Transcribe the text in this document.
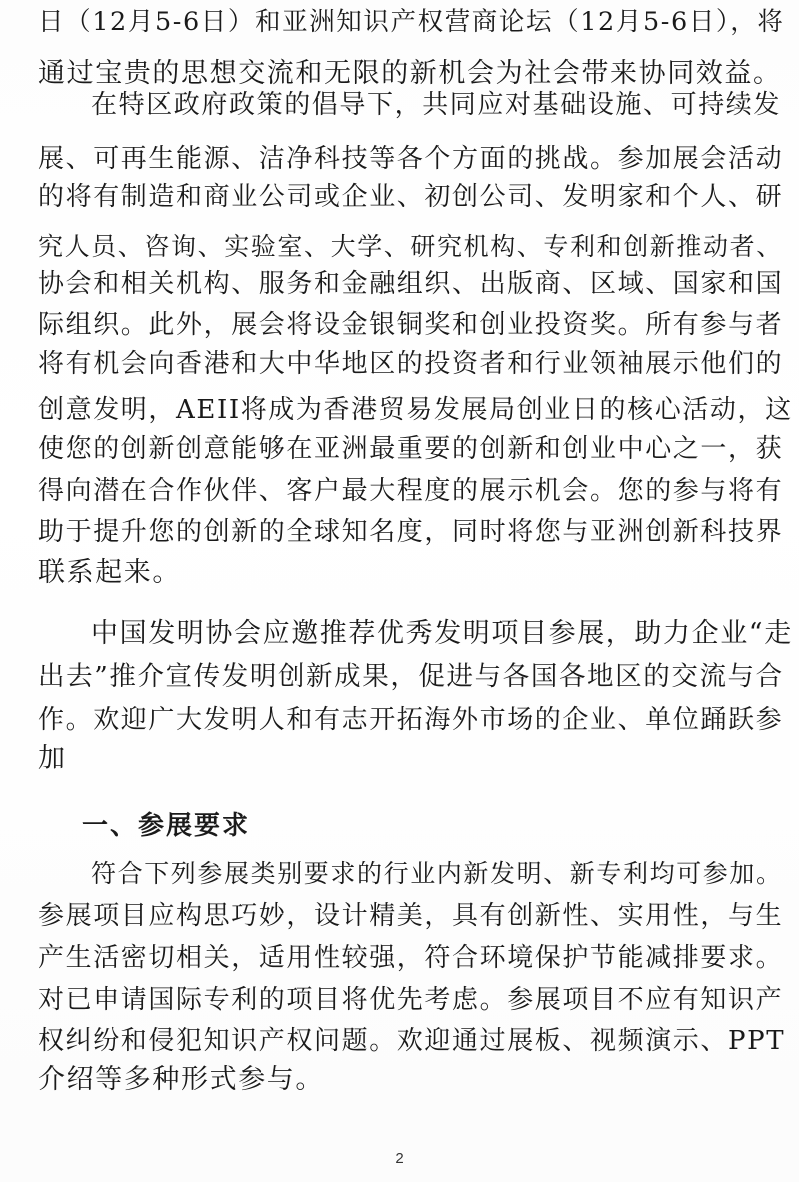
日（12月5-6日）和亚洲知识产权营商论坛（12月5-6日），将
通过宝贵的思想交流和无限的新机会为社会带来协同效益。
在特区政府政策的倡导下，共同应对基础设施、可持续发
展、可再生能源、洁净科技等各个方面的挑战。参加展会活动
的将有制造和商业公司或企业、初创公司、发明家和个人、研
究人员、咨询、实验室、大学、研究机构、专利和创新推动者、
协会和相关机构、服务和金融组织、出版商、区域、国家和国
际组织。此外，展会将设金银铜奖和创业投资奖。所有参与者
将有机会向香港和大中华地区的投资者和行业领袖展示他们的
创意发明，AEII将成为香港贸易发展局创业日的核心活动，这
使您的创新创意能够在亚洲最重要的创新和创业中心之一，获
得向潜在合作伙伴、客户最大程度的展示机会。您的参与将有
助于提升您的创新的全球知名度，同时将您与亚洲创新科技界
联系起来。
中国发明协会应邀推荐优秀发明项目参展，助力企业“走
出去”推介宣传发明创新成果，促进与各国各地区的交流与合
作。欢迎广大发明人和有志开拓海外市场的企业、单位踊跃参
加
一、参展要求
符合下列参展类别要求的行业内新发明、新专利均可参加。
参展项目应构思巧妙，设计精美，具有创新性、实用性，与生
产生活密切相关，适用性较强，符合环境保护节能减排要求。
对已申请国际专利的项目将优先考虑。参展项目不应有知识产
权纠纷和侵犯知识产权问题。欢迎通过展板、视频演示、PPT
介绍等多种形式参与。
2
